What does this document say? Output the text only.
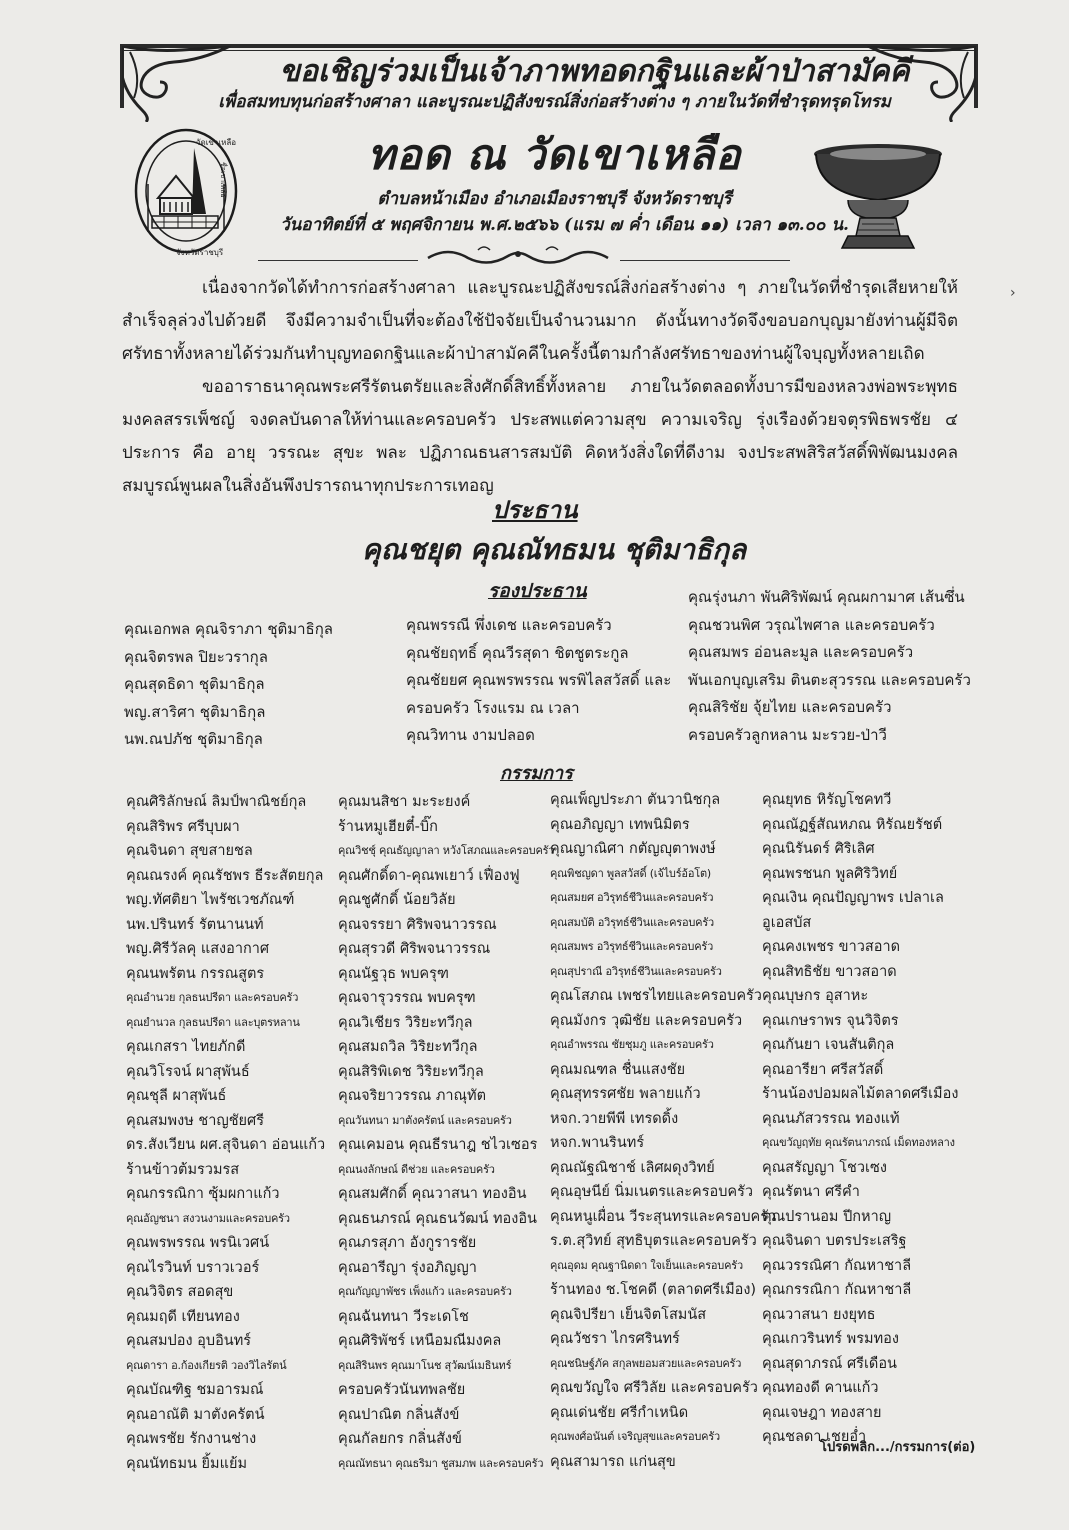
ขอเชิญร่วมเป็นเจ้าภาพทอดกฐินและผ้าป่าสามัคคี
เพื่อสมทบทุนก่อสร้างศาลา และบูรณะปฏิสังขรณ์สิ่งก่อสร้างต่าง ๆ ภายในวัดที่ชำรุดทรุดโทรม
ทอด ณ วัดเขาเหลือ
ตำบลหน้าเมือง อำเภอเมืองราชบุรี จังหวัดราชบุรี
วันอาทิตย์ที่ ๕ พฤศจิกายน พ.ศ.๒๕๖๖ (แรม ๗ ค่ำ เดือน ๑๑) เวลา ๑๓.๐๐ น.
วัดเขาเหลือ
จังหวัดราชบุรี
ชื่อเขาเหลือ

เนื่องจากวัดได้ทำการก่อสร้างศาลา และบูรณะปฏิสังขรณ์สิ่งก่อสร้างต่าง ๆ ภายในวัดที่ชำรุดเสียหายให้สำเร็จลุล่วงไปด้วยดี จึงมีความจำเป็นที่จะต้องใช้ปัจจัยเป็นจำนวนมาก ดังนั้นทางวัดจึงขอบอกบุญมายังท่านผู้มีจิตศรัทธาทั้งหลายได้ร่วมกันทำบุญทอดกฐินและผ้าป่าสามัคคีในครั้งนี้ตามกำลังศรัทธาของท่านผู้ใจบุญทั้งหลายเถิด

ขออาราธนาคุณพระศรีรัตนตรัยและสิ่งศักดิ์สิทธิ์ทั้งหลาย ภายในวัดตลอดทั้งบารมีของหลวงพ่อพระพุทธมงคลสรรเพ็ชญ์ จงดลบันดาลให้ท่านและครอบครัว ประสพแต่ความสุข ความเจริญ รุ่งเรืองด้วยจตุรพิธพรชัย ๔ ประการ คือ อายุ วรรณะ สุขะ พละ ปฏิภาณธนสารสมบัติ คิดหวังสิ่งใดที่ดีงาม จงประสพสิริสวัสดิ์พิพัฒนมงคลสมบูรณ์พูนผลในสิ่งอันพึงปรารถนาทุกประการเทอญ

›
ประธาน
คุณชยุต คุณณัทธมน ชุติมาธิกุล
รองประธาน
คุณเอกพล คุณจิราภา ชุติมาธิกุล
คุณจิตรพล ปิยะวรากุล
คุณสุดธิดา ชุติมาธิกุล
พญ.สาริศา ชุติมาธิกุล
นพ.ณปภัช ชุติมาธิกุล
คุณพรรณี พึ่งเดช และครอบครัว
คุณชัยฤทธิ์ คุณวีรสุดา ชิตชูตระกูล
คุณชัยยศ คุณพรพรรณ พรพิไลสวัสดิ์ และ
ครอบครัว โรงแรม ณ เวลา
คุณวิทาน งามปลอด
คุณรุ่งนภา พันศิริพัฒน์ คุณผกามาศ เส้นซึ่น
คุณชวนพิศ วรุณไพศาล และครอบครัว
คุณสมพร อ่อนละมูล และครอบครัว
พันเอกบุญเสริม ตินตะสุวรรณ และครอบครัว
คุณสิริชัย จุ้ยไทย และครอบครัว
ครอบครัวลูกหลาน มะรวย-ป่าวี
กรรมการ
คุณศิริลักษณ์ ลิมป์พาณิชย์กุล
คุณสิริพร ศรีบุบผา
คุณจินดา สุขสายชล
คุณณรงค์ คุณรัชพร ธีระสัตยกุล
พญ.ทัศติยา ไพรัชเวชภัณฑ์
นพ.ปรินทร์ รัตนานนท์
พญ.ศิรีวัลคุ แสงอากาศ
คุณนพรัตน กรรณสูตร
คุณอำนวย กุลธนปรีดา และครอบครัว
คุณยำนวล กุลธนปรีดา และบุตรหลาน
คุณเกสรา ไทยภักดี
คุณวิโรจน์ ผาสุพันธ์
คุณชุลี ผาสุพันธ์
คุณสมพงษ ชาญชัยศรี
ดร.สังเวียน ผศ.สุจินดา อ่อนแก้ว
ร้านข้าวต้มรวมรส
คุณกรรณิกา ซุ้มผกาแก้ว
คุณอัญชนา สงวนงามและครอบครัว
คุณพรพรรณ พรนิเวศน์
คุณไรวินท์ บราวเวอร์
คุณวิจิตร สอดสุข
คุณมฤดี เทียนทอง
คุณสมปอง อุบอินทร์
คุณดารา อ.ก้องเกียรติ วองวิไลรัตน์
คุณบัณฑิฐ ชมอารมณ์
คุณอาณัติ มาตังครัตน์
คุณพรชัย รักงานช่าง
คุณนัทธมน ยิ้มแย้ม
คุณมนสิชา มะระยงค์
ร้านหมูเฮียตี๋-บิ๊ก
คุณวิชชุ์ คุณธัญญาลา หวังโสภณและครอบครัว
คุณศักดิ์ดา-คุณพเยาว์ เฟื่องฟู
คุณชูศักดิ์ น้อยวิลัย
คุณจรรยา ศิริพจนาวรรณ
คุณสุรวดี ศิริพจนาวรรณ
คุณนัฐวุธ พบครุฑ
คุณจารุวรรณ พบครุฑ
คุณวิเชียร วิริยะทวีกุล
คุณสมถวิล วิริยะทวีกุล
คุณสิริพิเดช วิริยะทวีกุล
คุณจริยาวรรณ ภาณุทัต
คุณวันทนา มาตังครัตน์ และครอบครัว
คุณเคมอน คุณธีรนาฎ ชไวเซอร
คุณนงลักษณ์ ดีช่วย และครอบครัว
คุณสมศักดิ์ คุณวาสนา ทองอิน
คุณธนภรณ์ คุณธนวัฒน์ ทองอิน
คุณภรสุภา อังกูรารชัย
คุณอารีญา รุ่งอภิญญา
คุณกัญญาพัชร เพ็งแก้ว และครอบครัว
คุณฉันทนา วีระเดโช
คุณศิริพัชร์ เหนือมณีมงคล
คุณสิรินพร คุณมาโนช สุวัฒน์เมธินทร์
ครอบครัวนันทพลชัย
คุณปาณิต กลิ่นสังข์
คุณกัลยกร กลิ่นสังข์
คุณณัทธนา คุณธริมา ชูสมภพ และครอบครัว
คุณเพ็ญประภา ตันวานิชกุล
คุณอภิญญา เทพนิมิตร
คุณญาณิศา กตัญญุตาพงษ์
คุณพิชญดา พูลสวัสดิ์ (เจ้ไบร์อ้อโต)
คุณสมยศ อวิรุทธ์ชีวินและครอบครัว
คุณสมบัติ อวิรุทธ์ชีวินและครอบครัว
คุณสมพร อวิรุทธ์ชีวินและครอบครัว
คุณสุปราณี อวิรุทธ์ชีวินและครอบครัว
คุณโสภณ เพชรไทยและครอบครัว
คุณมังกร วุฒิชัย และครอบครัว
คุณอำพรรณ ชัยชุมภู และครอบครัว
คุณมณฑล ชื่นแสงชัย
คุณสุทรรศชัย พลายแก้ว
หจก.วายพีพี เทรดดิ้ง
หจก.พานรินทร์
คุณณัฐณิชาช์ เลิศผดุงวิทย์
คุณอุษนีย์ นิ่มเนตรและครอบครัว
คุณหนูเผื่อน วีระสุนทรและครอบครัว
ร.ต.สุวิทย์ สุทธิบุตรและครอบครัว
คุณอุดม คุณฐานิดดา ใจเย็นและครอบครัว
ร้านทอง ช.โชคดี (ตลาดศรีเมือง)
คุณจิปรียา เย็นจิตโสมนัส
คุณวัชรา ไกรศรินทร์
คุณชนิษฐ์ภัค สกุลพยอมสวยและครอบครัว
คุณขวัญใจ ศรีวิลัย และครอบครัว
คุณเด่นชัย ศรีกำเหนิด
คุณพงศ์อนันต์ เจริญสุขและครอบครัว
คุณสามารถ แก่นสุข
คุณยุทธ หิรัญโชคทวี
คุณณัฏฐ์สัณหภณ หิรัณยรัชต์
คุณนิรันดร์ ศิริเลิศ
คุณพรชนก พูลศิริวิทย์
คุณเงิน คุณปัญญาพร เปลาเล
อูเอสบัส
คุณคงเพชร ขาวสอาด
คุณสิทธิชัย ขาวสอาด
คุณบุษกร อุสาหะ
คุณเกษราพร จุนวิจิตร
คุณกันยา เจนสันติกุล
คุณอารียา ศรีสวัสดิ์
ร้านน้องปอมผลไม้ตลาดศรีเมือง
คุณนภัสวรรณ ทองแท้
คุณขวัญฤทัย คุณรัตนาภรณ์ เม็ดทองหลาง
คุณสรัญญา โชวเซง
คุณรัตนา ศรีคำ
คุณปรานอม ปีกหาญ
คุณจินดา บตรประเสริฐ
คุณวรรณิศา กัณหาชาลี
คุณกรรณิกา กัณหาชาลี
คุณวาสนา ยงยุทธ
คุณเกวรินทร์ พรมทอง
คุณสุดาภรณ์ ศรีเดือน
คุณทองดี คานแก้ว
คุณเจษฎา ทองสาย
คุณชลดา เชยอ่ำ
โปรดพลิก.../กรรมการ(ต่อ)
